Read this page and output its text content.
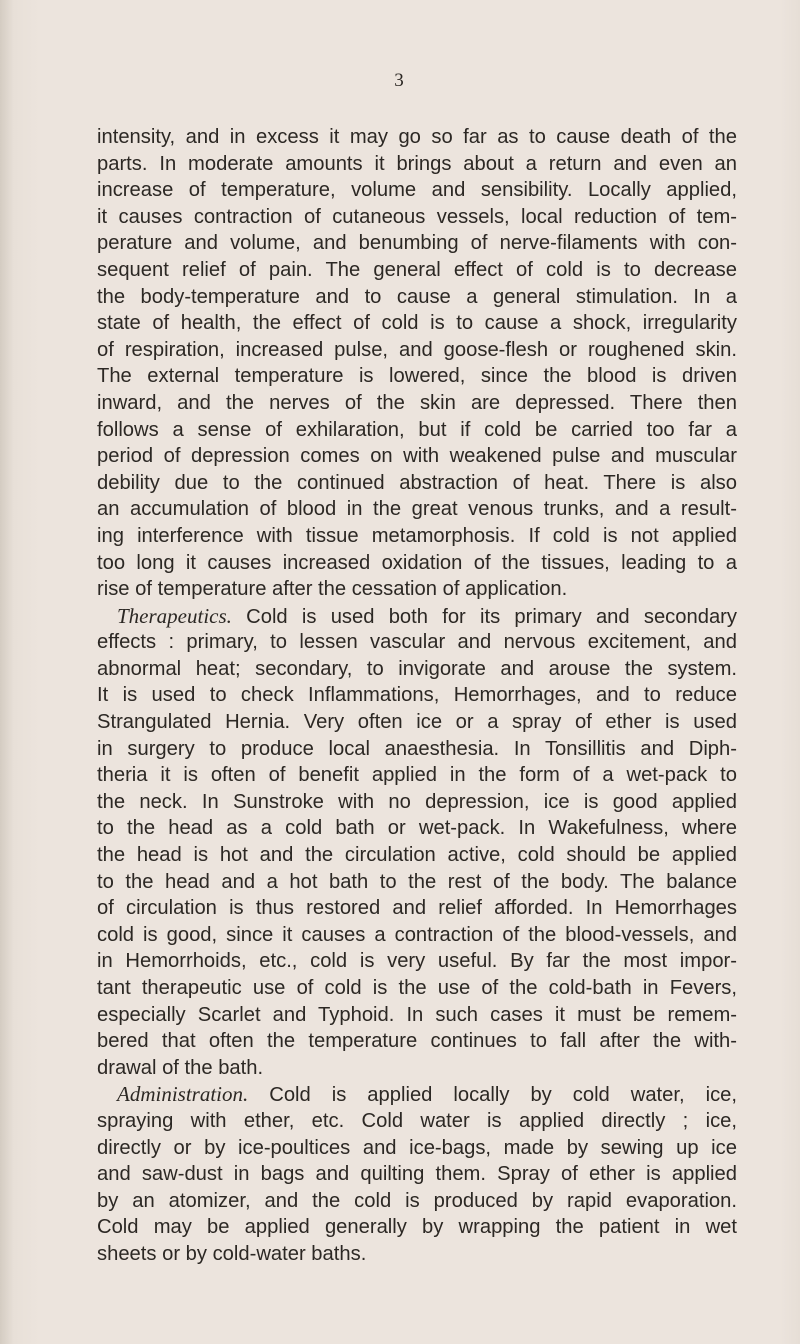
3
intensity, and in excess it may go so far as to cause death of the
parts. In moderate amounts it brings about a return and even an
increase of temperature, volume and sensibility. Locally applied,
it causes contraction of cutaneous vessels, local reduction of tem-
perature and volume, and benumbing of nerve-filaments with con-
sequent relief of pain. The general effect of cold is to decrease
the body-temperature and to cause a general stimulation. In a
state of health, the effect of cold is to cause a shock, irregularity
of respiration, increased pulse, and goose-flesh or roughened skin.
The external temperature is lowered, since the blood is driven
inward, and the nerves of the skin are depressed. There then
follows a sense of exhilaration, but if cold be carried too far a
period of depression comes on with weakened pulse and muscular
debility due to the continued abstraction of heat. There is also
an accumulation of blood in the great venous trunks, and a result-
ing interference with tissue metamorphosis. If cold is not applied
too long it causes increased oxidation of the tissues, leading to a
rise of temperature after the cessation of application.
Therapeutics. Cold is used both for its primary and secondary
effects : primary, to lessen vascular and nervous excitement, and
abnormal heat; secondary, to invigorate and arouse the system.
It is used to check Inflammations, Hemorrhages, and to reduce
Strangulated Hernia. Very often ice or a spray of ether is used
in surgery to produce local anaesthesia. In Tonsillitis and Diph-
theria it is often of benefit applied in the form of a wet-pack to
the neck. In Sunstroke with no depression, ice is good applied
to the head as a cold bath or wet-pack. In Wakefulness, where
the head is hot and the circulation active, cold should be applied
to the head and a hot bath to the rest of the body. The balance
of circulation is thus restored and relief afforded. In Hemorrhages
cold is good, since it causes a contraction of the blood-vessels, and
in Hemorrhoids, etc., cold is very useful. By far the most impor-
tant therapeutic use of cold is the use of the cold-bath in Fevers,
especially Scarlet and Typhoid. In such cases it must be remem-
bered that often the temperature continues to fall after the with-
drawal of the bath.
Administration. Cold is applied locally by cold water, ice,
spraying with ether, etc. Cold water is applied directly ; ice,
directly or by ice-poultices and ice-bags, made by sewing up ice
and saw-dust in bags and quilting them. Spray of ether is applied
by an atomizer, and the cold is produced by rapid evaporation.
Cold may be applied generally by wrapping the patient in wet
sheets or by cold-water baths.
